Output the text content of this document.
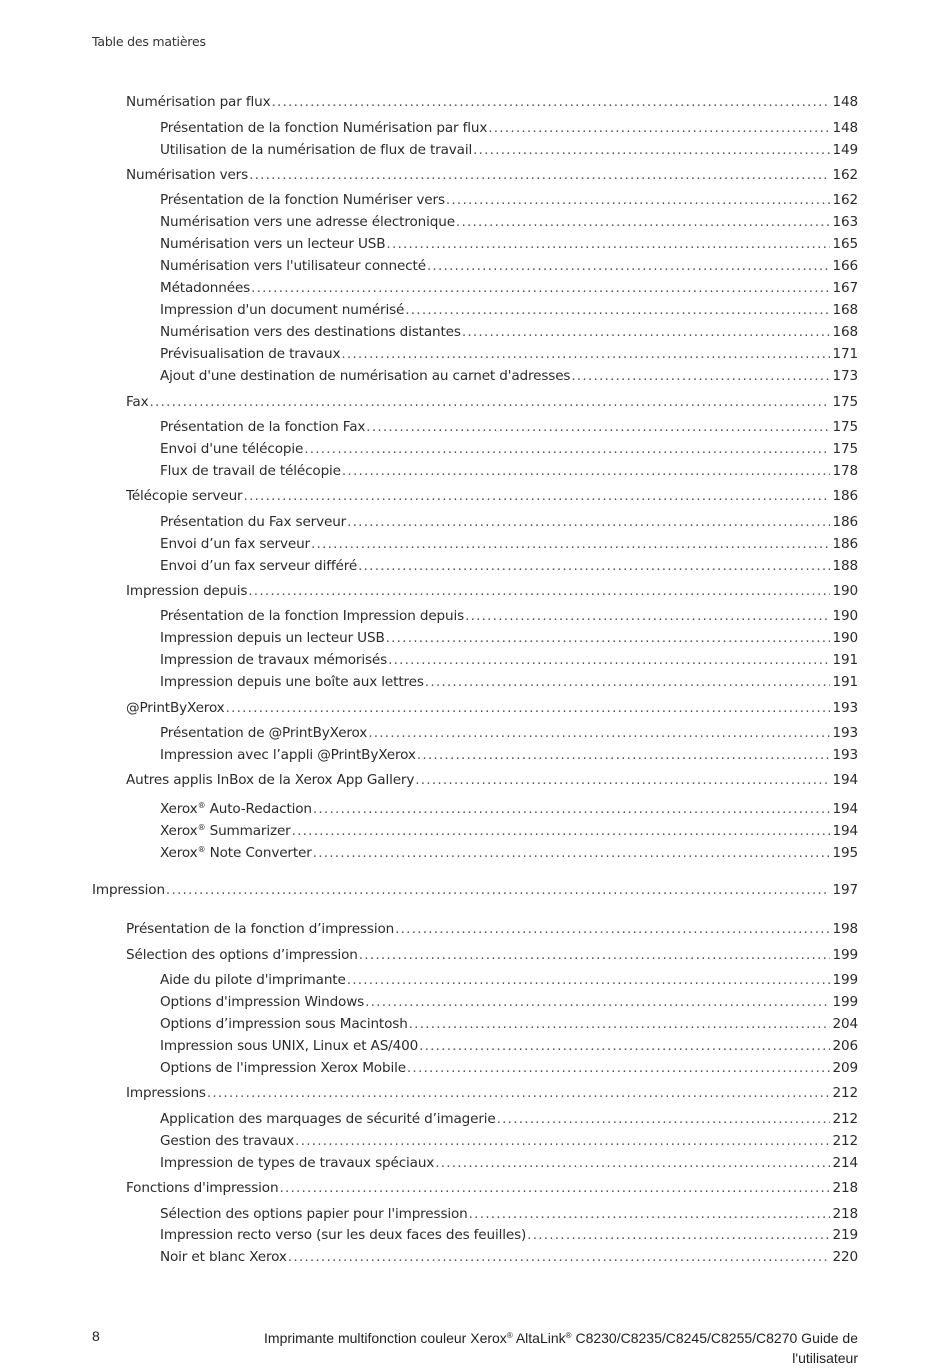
Table des matières
Numérisation par flux .....	148
Présentation de la fonction Numérisation par flux .....	148
Utilisation de la numérisation de flux de travail .....	149
Numérisation vers .....	162
Présentation de la fonction Numériser vers .....	162
Numérisation vers une adresse électronique .....	163
Numérisation vers un lecteur USB .....	165
Numérisation vers l'utilisateur connecté .....	166
Métadonnées .....	167
Impression d'un document numérisé .....	168
Numérisation vers des destinations distantes .....	168
Prévisualisation de travaux .....	171
Ajout d'une destination de numérisation au carnet d'adresses .....	173
Fax .....	175
Présentation de la fonction Fax .....	175
Envoi d'une télécopie .....	175
Flux de travail de télécopie .....	178
Télécopie serveur .....	186
Présentation du Fax serveur .....	186
Envoi d’un fax serveur .....	186
Envoi d’un fax serveur différé .....	188
Impression depuis .....	190
Présentation de la fonction Impression depuis .....	190
Impression depuis un lecteur USB .....	190
Impression de travaux mémorisés .....	191
Impression depuis une boîte aux lettres .....	191
@PrintByXerox .....	193
Présentation de @PrintByXerox .....	193
Impression avec l’appli @PrintByXerox .....	193
Autres applis InBox de la Xerox App Gallery .....	194
Xerox® Auto-Redaction .....	194
Xerox® Summarizer .....	194
Xerox® Note Converter .....	195
Impression .....	197
Présentation de la fonction d’impression .....	198
Sélection des options d’impression .....	199
Aide du pilote d'imprimante .....	199
Options d'impression Windows .....	199
Options d’impression sous Macintosh .....	204
Impression sous UNIX, Linux et AS/400 .....	206
Options de l'impression Xerox Mobile .....	209
Impressions .....	212
Application des marquages de sécurité d’imagerie .....	212
Gestion des travaux .....	212
Impression de types de travaux spéciaux .....	214
Fonctions d'impression .....	218
Sélection des options papier pour l'impression .....	218
Impression recto verso (sur les deux faces des feuilles) .....	219
Noir et blanc Xerox .....	220
8	Imprimante multifonction couleur Xerox® AltaLink® C8230/C8235/C8245/C8255/C8270 Guide de
l'utilisateur
